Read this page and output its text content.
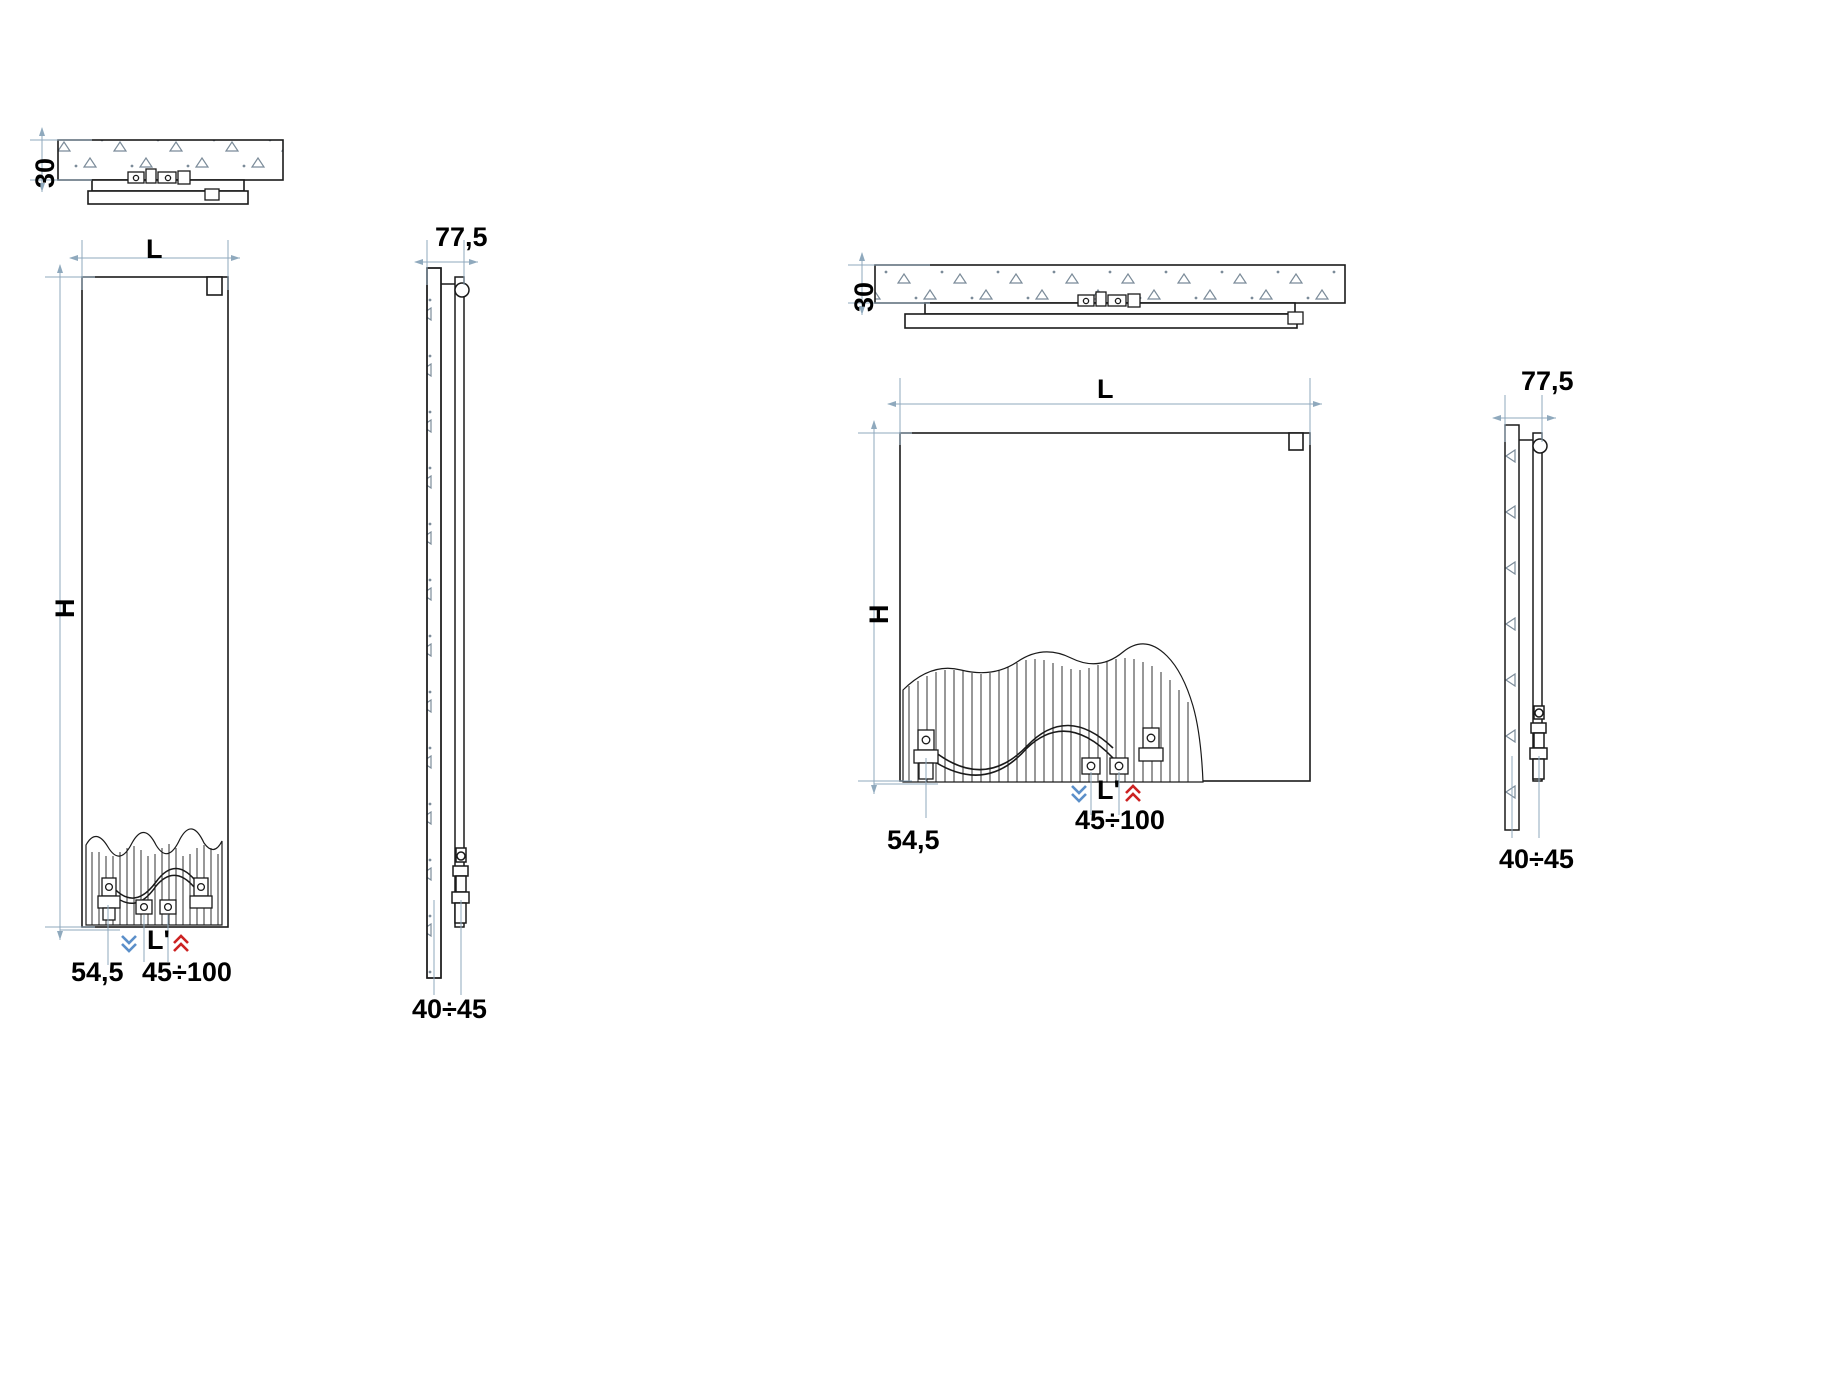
30
L
H
54,5
L'
45÷100
77,5
40÷45
30
L
H
54,5
L'
45÷100
77,5
40÷45
